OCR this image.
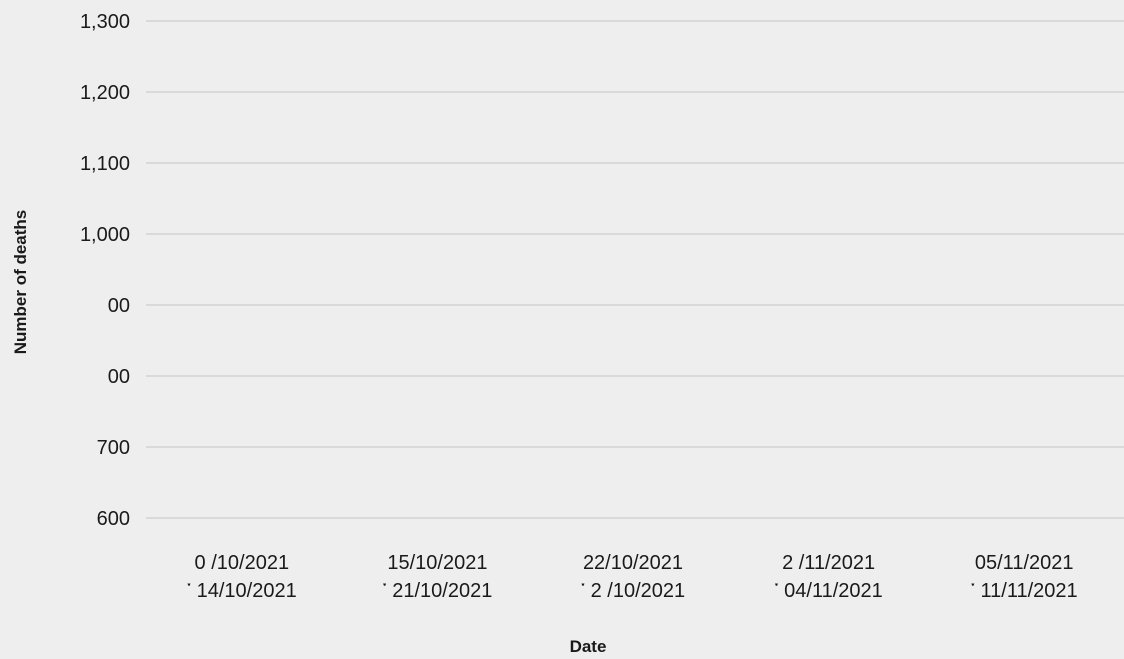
600
700
00
00
1,000
1,100
1,200
1,300
0 /10/2021
་ 14/10/2021
15/10/2021
་ 21/10/2021
22/10/2021
་ 2 /10/2021
2 /11/2021
་ 04/11/2021
05/11/2021
་ 11/11/2021
Date
Number of deaths
